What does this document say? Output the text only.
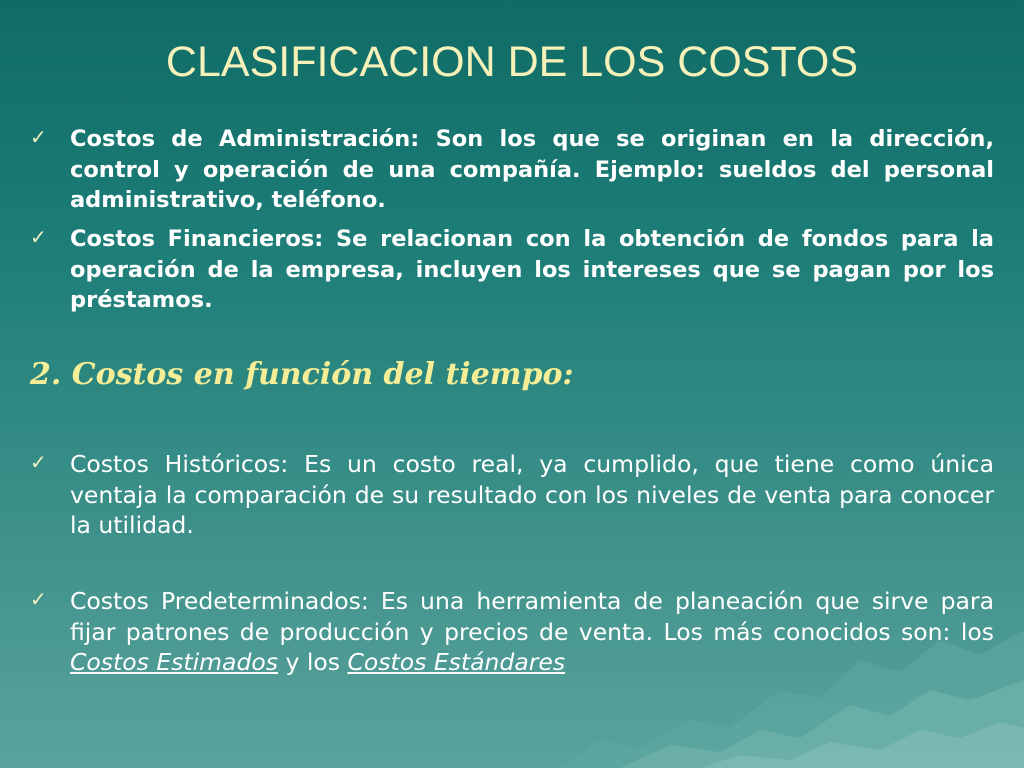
CLASIFICACION DE LOS COSTOS
✓ Costos de Administración: Son los que se originan en la dirección, control y operación de una compañía. Ejemplo: sueldos del personal administrativo, teléfono.

✓ Costos Financieros: Se relacionan con la obtención de fondos para la operación de la empresa, incluyen los intereses que se pagan por los préstamos.

2. Costos en función del tiempo:
✓ Costos Históricos: Es un costo real, ya cumplido, que tiene como única ventaja la comparación de su resultado con los niveles de venta para conocer la utilidad.

✓ Costos Predeterminados: Es una herramienta de planeación que sirve para fijar patrones de producción y precios de venta. Los más conocidos son: los Costos Estimados y los Costos Estándares
